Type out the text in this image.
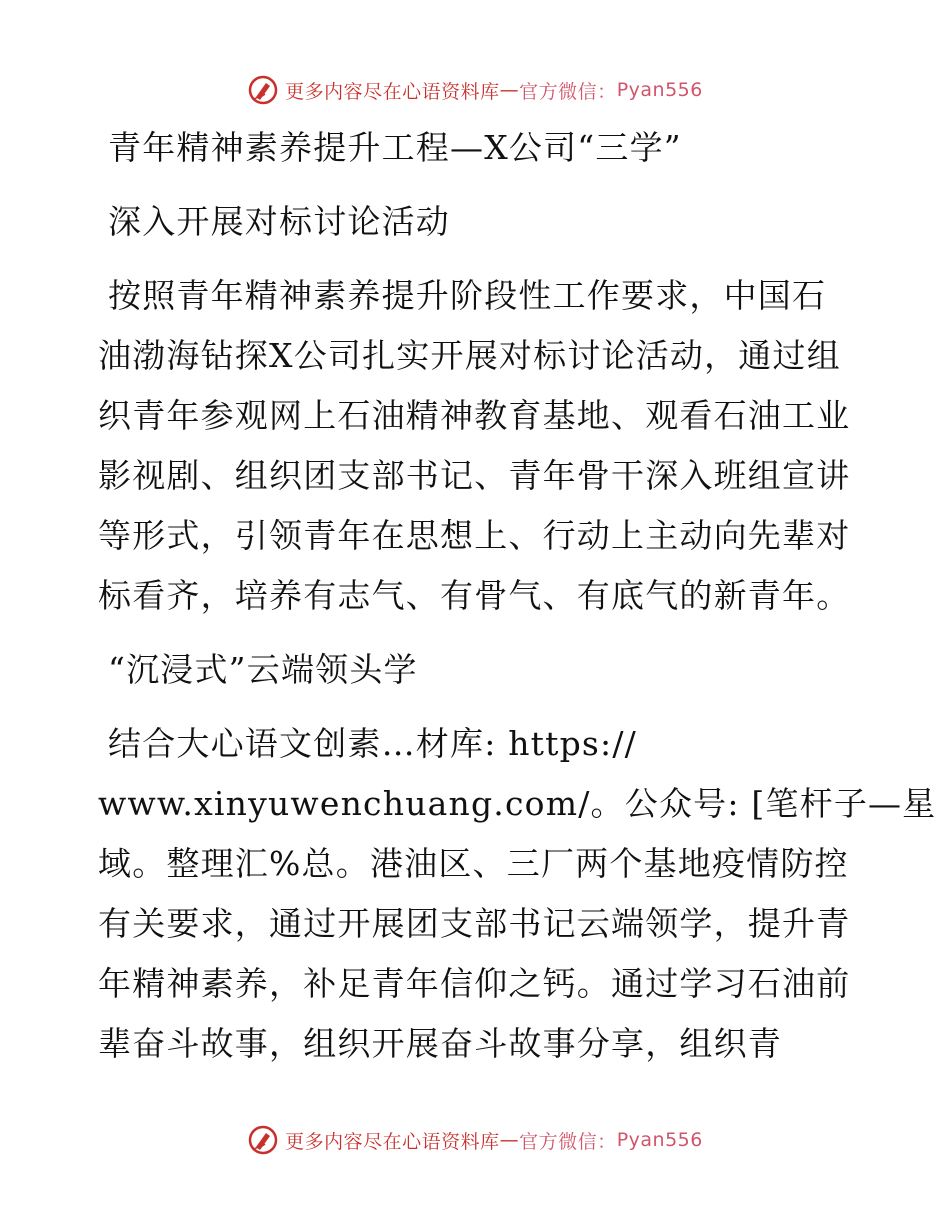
更多内容尽在心语资料库 — 官方微信： Pyan556
青年精神素养提升工程—X公司“三学”
深入开展对标讨论活动
按照青年精神素养提升阶段性工作要求，中国石
油渤海钻探X公司扎实开展对标讨论活动，通过组
织青年参观网上石油精神教育基地、观看石油工业
影视剧、组织团支部书记、青年骨干深入班组宣讲
等形式，引领青年在思想上、行动上主动向先辈对
标看齐，培养有志气、有骨气、有底气的新青年。
“沉浸式”云端领头学
结合大心语文创素…材库: https://
www.xinyuwenchuang.com/。公众号: [笔杆子—星
域。整理汇%总。港油区、三厂两个基地疫情防控
有关要求，通过开展团支部书记云端领学，提升青
年精神素养，补足青年信仰之钙。通过学习石油前
辈奋斗故事，组织开展奋斗故事分享，组织青
更多内容尽在心语资料库 — 官方微信： Pyan556
